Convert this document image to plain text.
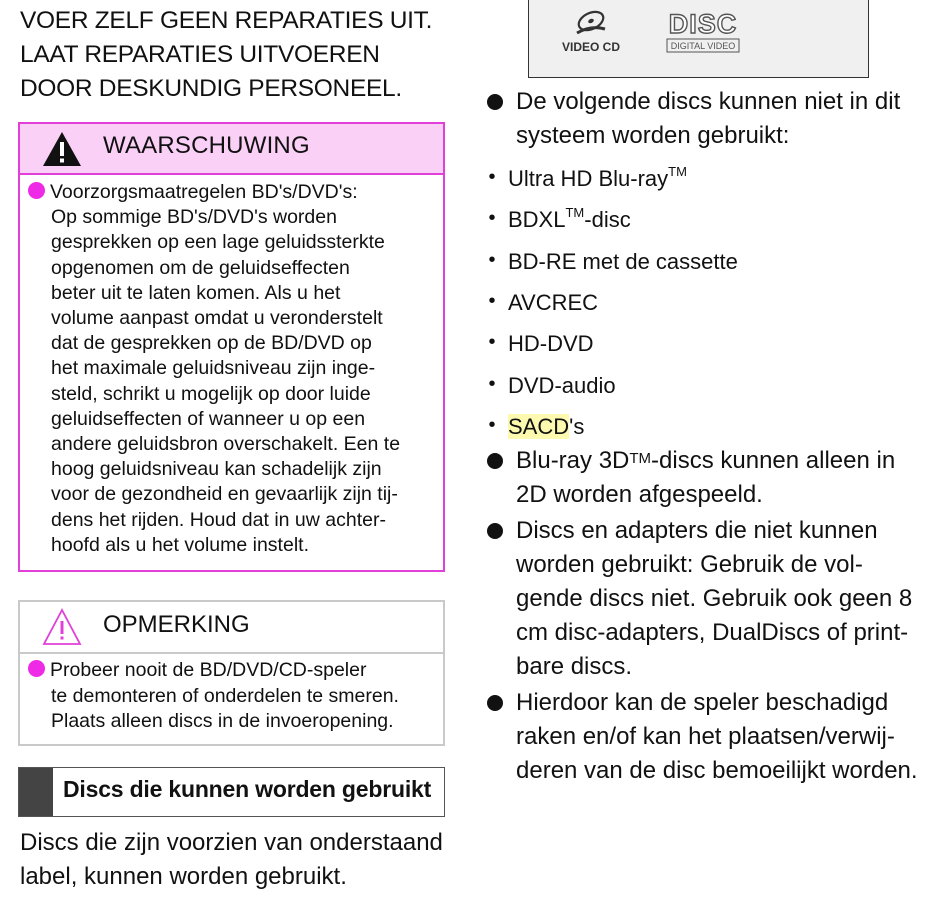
VOER ZELF GEEN REPARATIES UIT.
LAAT REPARATIES UITVOEREN
DOOR DESKUNDIG PERSONEEL.
WAARSCHUWING
Voorzorgsmaatregelen BD's/DVD's:
Op sommige BD's/DVD's worden
gesprekken op een lage geluidssterkte
opgenomen om de geluidseffecten
beter uit te laten komen. Als u het
volume aanpast omdat u veronderstelt
dat de gesprekken op de BD/DVD op
het maximale geluidsniveau zijn inge-
steld, schrikt u mogelijk op door luide
geluidseffecten of wanneer u op een
andere geluidsbron overschakelt. Een te
hoog geluidsniveau kan schadelijk zijn
voor de gezondheid en gevaarlijk zijn tij-
dens het rijden. Houd dat in uw achter-
hoofd als u het volume instelt.
OPMERKING
Probeer nooit de BD/DVD/CD-speler
te demonteren of onderdelen te smeren.
Plaats alleen discs in de invoeropening.
Discs die kunnen worden gebruikt
Discs die zijn voorzien van onderstaand
label, kunnen worden gebruikt.
VIDEO CD
DISC
DIGITAL VIDEO
De volgende discs kunnen niet in dit
systeem worden gebruikt:
• Ultra HD Blu-ray™
• BDXL™-disc
• BD-RE met de cassette
• AVCREC
• HD-DVD
• DVD-audio
• SACD's
Blu-ray 3D™-discs kunnen alleen in
2D worden afgespeeld.
Discs en adapters die niet kunnen
worden gebruikt: Gebruik de vol-
gende discs niet. Gebruik ook geen 8
cm disc-adapters, DualDiscs of print-
bare discs.
Hierdoor kan de speler beschadigd
raken en/of kan het plaatsen/verwij-
deren van de disc bemoeilijkt worden.
